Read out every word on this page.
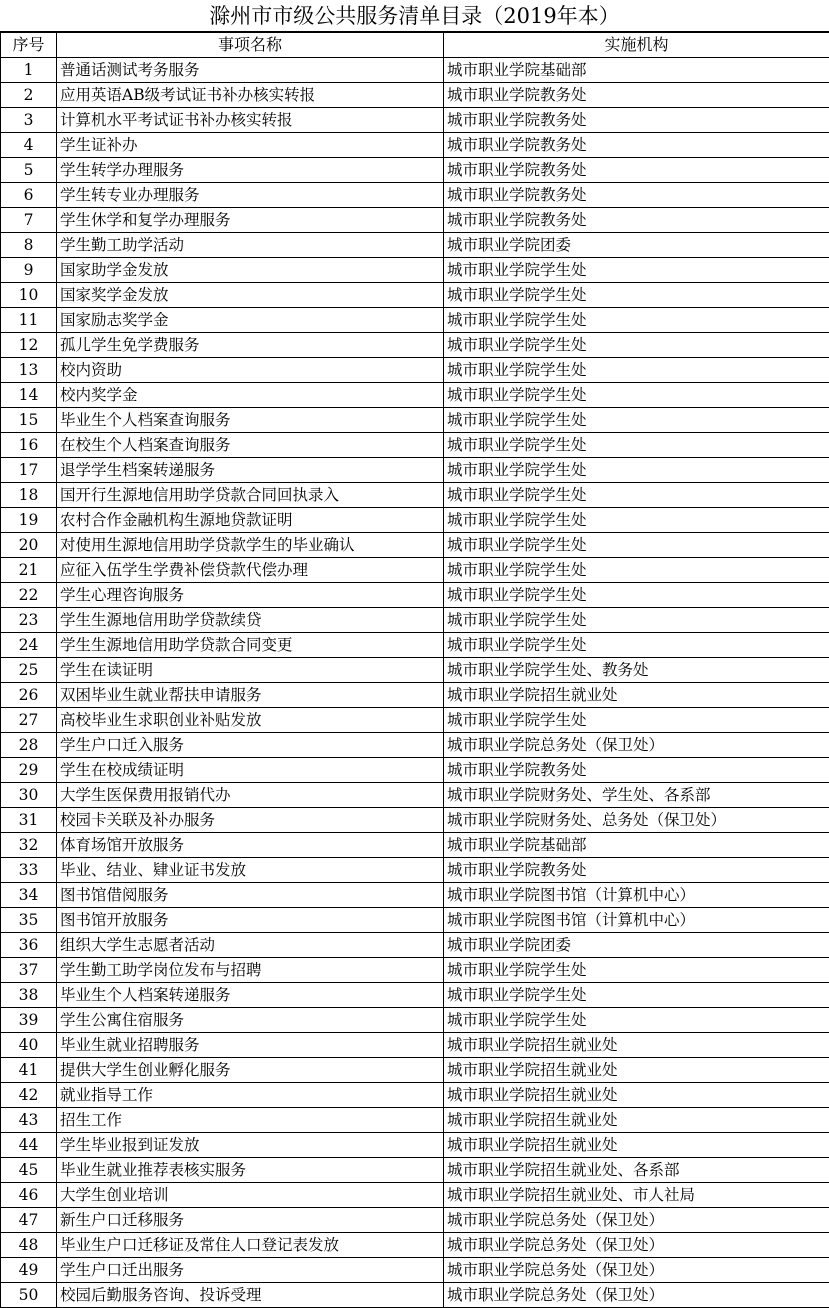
滁州市市级公共服务清单目录（2019年本）
序号	事项名称	实施机构
1	普通话测试考务服务	城市职业学院基础部
2	应用英语AB级考试证书补办核实转报	城市职业学院教务处
3	计算机水平考试证书补办核实转报	城市职业学院教务处
4	学生证补办	城市职业学院教务处
5	学生转学办理服务	城市职业学院教务处
6	学生转专业办理服务	城市职业学院教务处
7	学生休学和复学办理服务	城市职业学院教务处
8	学生勤工助学活动	城市职业学院团委
9	国家助学金发放	城市职业学院学生处
10	国家奖学金发放	城市职业学院学生处
11	国家励志奖学金	城市职业学院学生处
12	孤儿学生免学费服务	城市职业学院学生处
13	校内资助	城市职业学院学生处
14	校内奖学金	城市职业学院学生处
15	毕业生个人档案查询服务	城市职业学院学生处
16	在校生个人档案查询服务	城市职业学院学生处
17	退学学生档案转递服务	城市职业学院学生处
18	国开行生源地信用助学贷款合同回执录入	城市职业学院学生处
19	农村合作金融机构生源地贷款证明	城市职业学院学生处
20	对使用生源地信用助学贷款学生的毕业确认	城市职业学院学生处
21	应征入伍学生学费补偿贷款代偿办理	城市职业学院学生处
22	学生心理咨询服务	城市职业学院学生处
23	学生生源地信用助学贷款续贷	城市职业学院学生处
24	学生生源地信用助学贷款合同变更	城市职业学院学生处
25	学生在读证明	城市职业学院学生处、教务处
26	双困毕业生就业帮扶申请服务	城市职业学院招生就业处
27	高校毕业生求职创业补贴发放	城市职业学院学生处
28	学生户口迁入服务	城市职业学院总务处（保卫处）
29	学生在校成绩证明	城市职业学院教务处
30	大学生医保费用报销代办	城市职业学院财务处、学生处、各系部
31	校园卡关联及补办服务	城市职业学院财务处、总务处（保卫处）
32	体育场馆开放服务	城市职业学院基础部
33	毕业、结业、肄业证书发放	城市职业学院教务处
34	图书馆借阅服务	城市职业学院图书馆（计算机中心）
35	图书馆开放服务	城市职业学院图书馆（计算机中心）
36	组织大学生志愿者活动	城市职业学院团委
37	学生勤工助学岗位发布与招聘	城市职业学院学生处
38	毕业生个人档案转递服务	城市职业学院学生处
39	学生公寓住宿服务	城市职业学院学生处
40	毕业生就业招聘服务	城市职业学院招生就业处
41	提供大学生创业孵化服务	城市职业学院招生就业处
42	就业指导工作	城市职业学院招生就业处
43	招生工作	城市职业学院招生就业处
44	学生毕业报到证发放	城市职业学院招生就业处
45	毕业生就业推荐表核实服务	城市职业学院招生就业处、各系部
46	大学生创业培训	城市职业学院招生就业处、市人社局
47	新生户口迁移服务	城市职业学院总务处（保卫处）
48	毕业生户口迁移证及常住人口登记表发放	城市职业学院总务处（保卫处）
49	学生户口迁出服务	城市职业学院总务处（保卫处）
50	校园后勤服务咨询、投诉受理	城市职业学院总务处（保卫处）
